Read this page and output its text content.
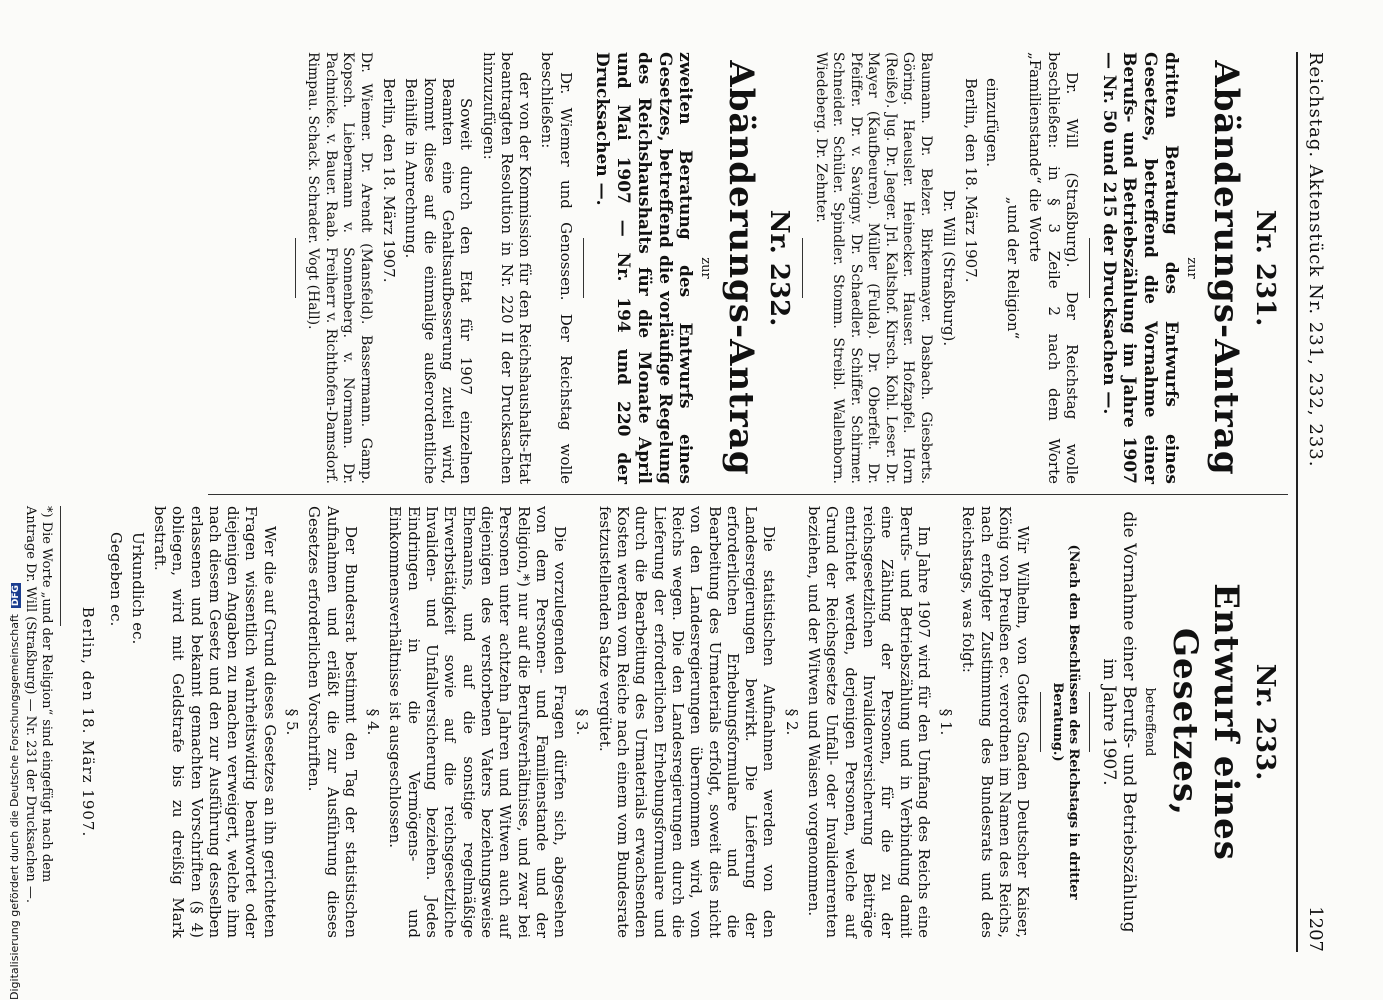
Reichstag. Aktenstück Nr. 231, 232, 233.
1207
Nr. 231.
Abänderungs-Antrag
zur
dritten Beratung des Entwurfs eines Gesetzes, betreffend die Vornahme einer Berufs- und Betriebszählung im Jahre 1907 — Nr. 50 und 215 der Drucksachen —.
Dr. Will (Straßburg). Der Reichstag wolle beschließen: in § 3 Zeile 2 nach dem Worte „Familienstande“ die Worte
„und der Religion“
einzufügen.
Berlin, den 18. März 1907.
Dr. Will (Straßburg).
Baumann. Dr. Belzer. Birkenmayer. Dasbach. Giesberts. Göring. Haeusler. Heinecker. Hauser. Hofzapfel. Horn (Reiße). Jug. Dr. Jaeger. Jrl. Kaltshof. Kirsch. Kohl. Leser. Dr. Mayer (Kaufbeuren). Müller (Fulda). Dr. Oberfelt. Dr. Pfeiffer. Dr. v. Savigny. Dr. Schaedler. Schiffer. Schirmer. Schneider. Schüler. Spindler. Stomm. Streibl. Wallenborn. Wiedeberg. Dr. Zehnter.
Nr. 232.
Abänderungs-Antrag
zur
zweiten Beratung des Entwurfs eines Gesetzes, betreffend die vorläufige Regelung des Reichshaushalts für die Monate April und Mai 1907 — Nr. 194 und 220 der Drucksachen —.
Dr. Wiemer und Genossen. Der Reichstag wolle beschließen:
der von der Kommission für den Reichshaushalts-Etat beantragten Resolution in Nr. 220 II der Drucksachen hinzuzufügen:
Soweit durch den Etat für 1907 einzelnen Beamten eine Gehaltsaufbesserung zuteil wird, kommt diese auf die einmalige außerordentliche Beihilfe in Anrechnung.
Berlin, den 18. März 1907.
Dr. Wiemer. Dr. Arendt (Mansfeld). Bassermann. Gamp. Kopsch. Liebermann v. Sonnenberg. v. Normann. Dr. Pachnicke. v. Bauer. Raab. Freiherr v. Richthofen-Damsdorf. Rimpau. Schack. Schrader. Vogt (Hall).
Nr. 233.
Entwurf eines Gesetzes,
betreffend
die Vornahme einer Berufs- und Betriebszählung im Jahre 1907.
(Nach den Beschlüssen des Reichstags in dritter Beratung.)
Wir Wilhelm, von Gottes Gnaden Deutscher Kaiser, König von Preußen ec. verordnen im Namen des Reichs, nach erfolgter Zustimmung des Bundesrats und des Reichstags, was folgt:
§ 1.
Im Jahre 1907 wird für den Umfang des Reichs eine Berufs- und Betriebszählung und in Verbindung damit eine Zählung der Personen, für die zu der reichsgesetzlichen Invalidenversicherung Beiträge entrichtet werden, derjenigen Personen, welche auf Grund der Reichsgesetze Unfall- oder Invalidenrenten beziehen, und der Witwen und Waisen vorgenommen.
§ 2.
Die statistischen Aufnahmen werden von den Landesregierungen bewirkt. Die Lieferung der erforderlichen Erhebungsformulare und die Bearbeitung des Urmaterials erfolgt, soweit dies nicht von den Landesregierungen übernommen wird, von Reichs wegen. Die den Landesregierungen durch die Lieferung der erforderlichen Erhebungsformulare und durch die Bearbeitung des Urmaterials erwachsenden Kosten werden vom Reiche nach einem vom Bundesrate festzustellenden Satze vergütet.
§ 3.
Die vorzulegenden Fragen dürfen sich, abgesehen von dem Personen- und Familienstande und der Religion,*) nur auf die Berufsverhältnisse, und zwar bei Personen unter achtzehn Jahren und Witwen auch auf diejenigen des verstorbenen Vaters beziehungsweise Ehemanns, und auf die sonstige regelmäßige Erwerbstätigkeit sowie auf die reichsgesetzliche Invaliden- und Unfallversicherung beziehen. Jedes Eindringen in die Vermögens- und Einkommensverhältnisse ist ausgeschlossen.
§ 4.
Der Bundesrat bestimmt den Tag der statistischen Aufnahmen und erläßt die zur Ausführung dieses Gesetzes erforderlichen Vorschriften.
§ 5.
Wer die auf Grund dieses Gesetzes an ihn gerichteten Fragen wissentlich wahrheitswidrig beantwortet oder diejenigen Angaben zu machen verweigert, welche ihm nach diesem Gesetz und den zur Ausführung desselben erlassenen und bekannt gemachten Vorschriften (§ 4) obliegen, wird mit Geldstrafe bis zu dreißig Mark bestraft.
Urkundlich ec.
Gegeben ec.
Berlin, den 18. März 1907.
*) Die Worte „und der Religion“ sind eingefügt nach dem Antrage Dr. Will (Straßburg) — Nr. 231 der Drucksachen —.
Digitalisierung gefördert durch die Deutsche ForschungsgemeinschaftDFG
